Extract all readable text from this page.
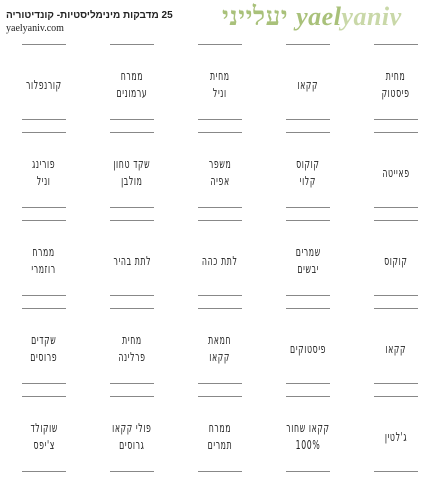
יעלייני yaelyaniv
25 מדבקות מינימליסטיות- קונדיטוריה
yaelyaniv.com
מחית
פיסטוק
קקאו
מחית
וניל
ממרח
ערמונים
קורנפלור
פאייטה
קוקוס
קלוי
משפר
אפיה
שקד טחון
מולבן
פורינג
וניל
קוקוס
שמרים
יבשים
לתת כהה
לתת בהיר
ממרח
רוזמרי
קקאו
פיסטוקים
חמאת
קקאו
מחית
פרלינה
שקדים
פרוסים
ג'לטין
קקאו שחור
100%
ממרח
תמרים
פולי קקאו
גרוסים
שוקולד
צ'יפס
